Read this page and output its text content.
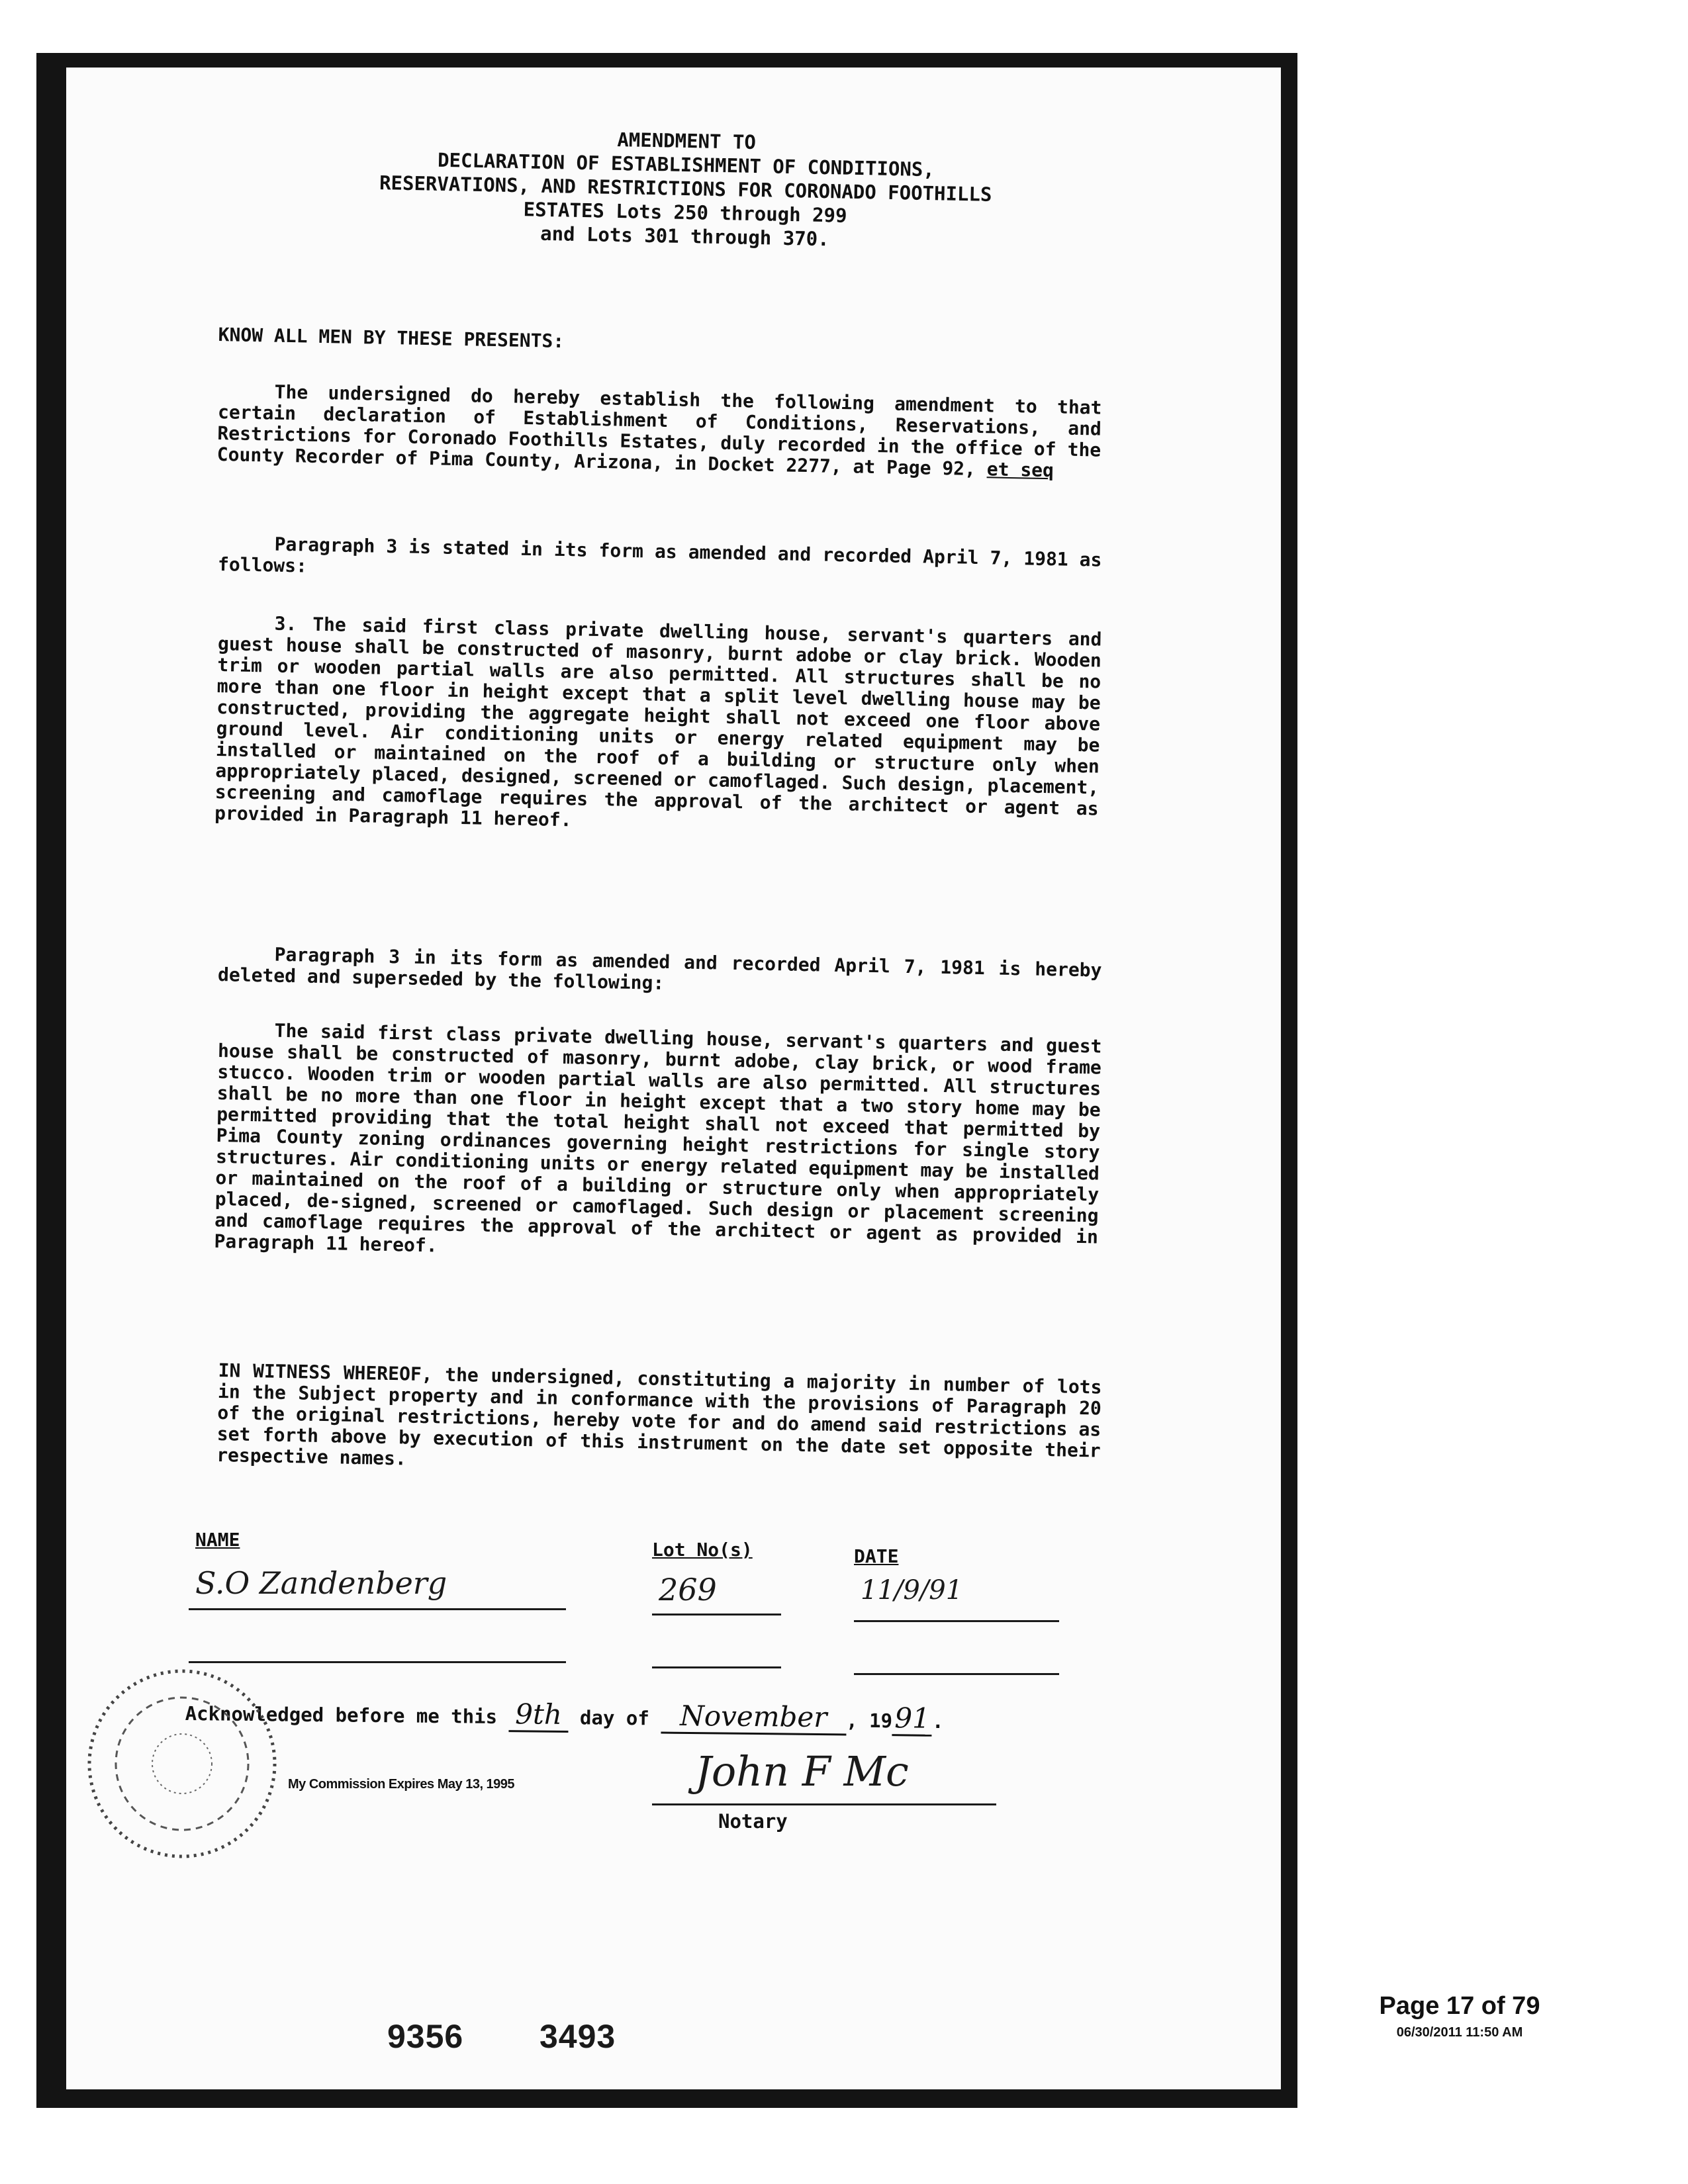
AMENDMENT TO
DECLARATION OF ESTABLISHMENT OF CONDITIONS,
RESERVATIONS, AND RESTRICTIONS FOR CORONADO FOOTHILLS
ESTATES Lots 250 through 299
and Lots 301 through 370.

KNOW ALL MEN BY THESE PRESENTS:

The undersigned do hereby establish the following amendment to that certain declaration of Establishment of Conditions, Reservations, and Restrictions for Coronado Foothills Estates, duly recorded in the office of the County Recorder of Pima County, Arizona, in Docket 2277, at Page 92, et seq

Paragraph 3 is stated in its form as amended and recorded April 7, 1981 as follows:

3. The said first class private dwelling house, servant's quarters and guest house shall be constructed of masonry, burnt adobe or clay brick. Wooden trim or wooden partial walls are also permitted. All structures shall be no more than one floor in height except that a split level dwelling house may be constructed, providing the aggregate height shall not exceed one floor above ground level. Air conditioning units or energy related equipment may be installed or maintained on the roof of a building or structure only when appropriately placed, designed, screened or camoflaged. Such design, placement, screening and camoflage requires the approval of the architect or agent as provided in Paragraph 11 hereof.

Paragraph 3 in its form as amended and recorded April 7, 1981 is hereby deleted and superseded by the following:

The said first class private dwelling house, servant's quarters and guest house shall be constructed of masonry, burnt adobe, clay brick, or wood frame stucco. Wooden trim or wooden partial walls are also permitted. All structures shall be no more than one floor in height except that a two story home may be permitted providing that the total height shall not exceed that permitted by Pima County zoning ordinances governing height restrictions for single story structures. Air conditioning units or energy related equipment may be installed or maintained on the roof of a building or structure only when appropriately placed, de-signed, screened or camoflaged. Such design or placement screening and camoflage requires the approval of the architect or agent as provided in Paragraph 11 hereof.

IN WITNESS WHEREOF, the undersigned, constituting a majority in number of lots in the Subject property and in conformance with the provisions of Paragraph 20 of the original restrictions, hereby vote for and do amend said restrictions as set forth above by execution of this instrument on the date set opposite their respective names.

NAME	Lot No(s)	DATE
S.O Zandenberg	269	11/9/91
Acknowledged before me this 9th day of November , 1991.
My Commission Expires May 13, 1995	John F Mc
Notary
9356 3493
Page 17 of 79
06/30/2011 11:50 AM
